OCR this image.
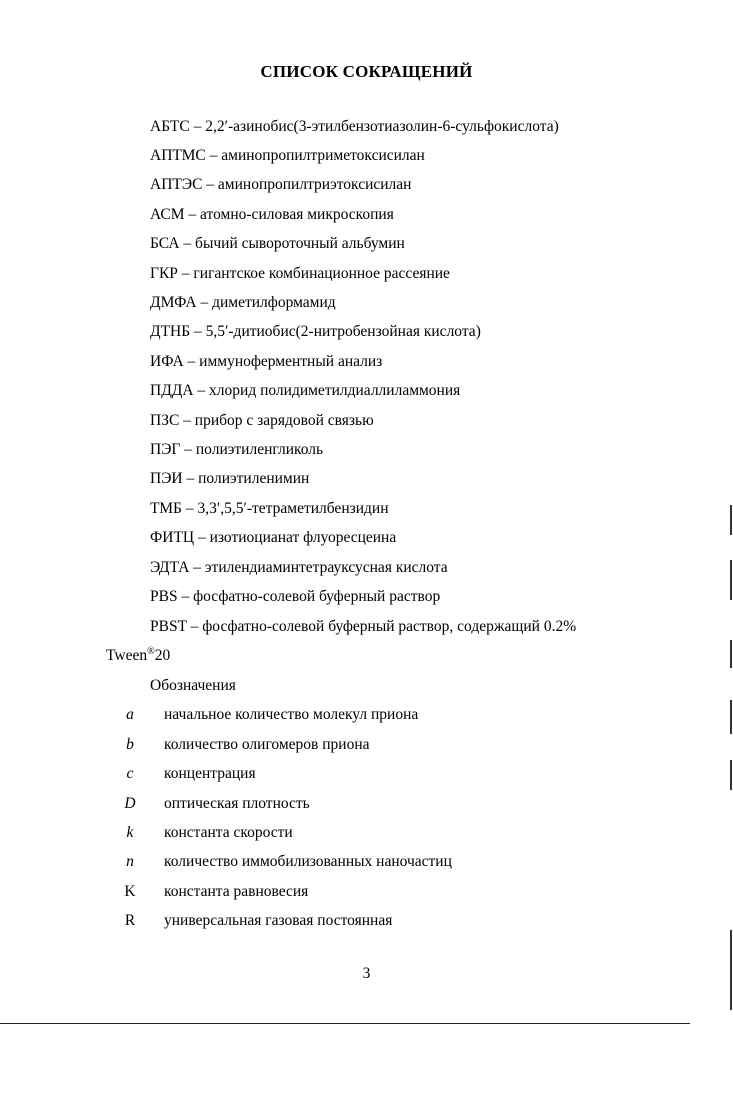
СПИСОК СОКРАЩЕНИЙ
АБТС – 2,2′-азинобис(3-этилбензотиазолин-6-сульфокислота)
АПТМС – аминопропилтриметоксисилан
АПТЭС – аминопропилтриэтоксисилан
АСМ – атомно-силовая микроскопия
БСА – бычий сывороточный альбумин
ГКР – гигантское комбинационное рассеяние
ДМФА – диметилформамид
ДТНБ – 5,5′-дитиобис(2-нитробензойная кислота)
ИФА – иммуноферментный анализ
ПДДА – хлорид полидиметилдиаллиламмония
ПЗС – прибор с зарядовой связью
ПЭГ – полиэтиленгликоль
ПЭИ – полиэтиленимин
ТМБ – 3,3′,5,5′-тетраметилбензидин
ФИТЦ – изотиоцианат флуоресцеина
ЭДТА – этилендиаминтетрауксусная кислота
PBS – фосфатно-солевой буферный раствор
PBST – фосфатно-солевой буферный раствор, содержащий 0.2%
Tween®20
Обозначения
a	начальное количество молекул приона
b	количество олигомеров приона
c	концентрация
D	оптическая плотность
k	константа скорости
n	количество иммобилизованных наночастиц
K	константа равновесия
R	универсальная газовая постоянная
3
